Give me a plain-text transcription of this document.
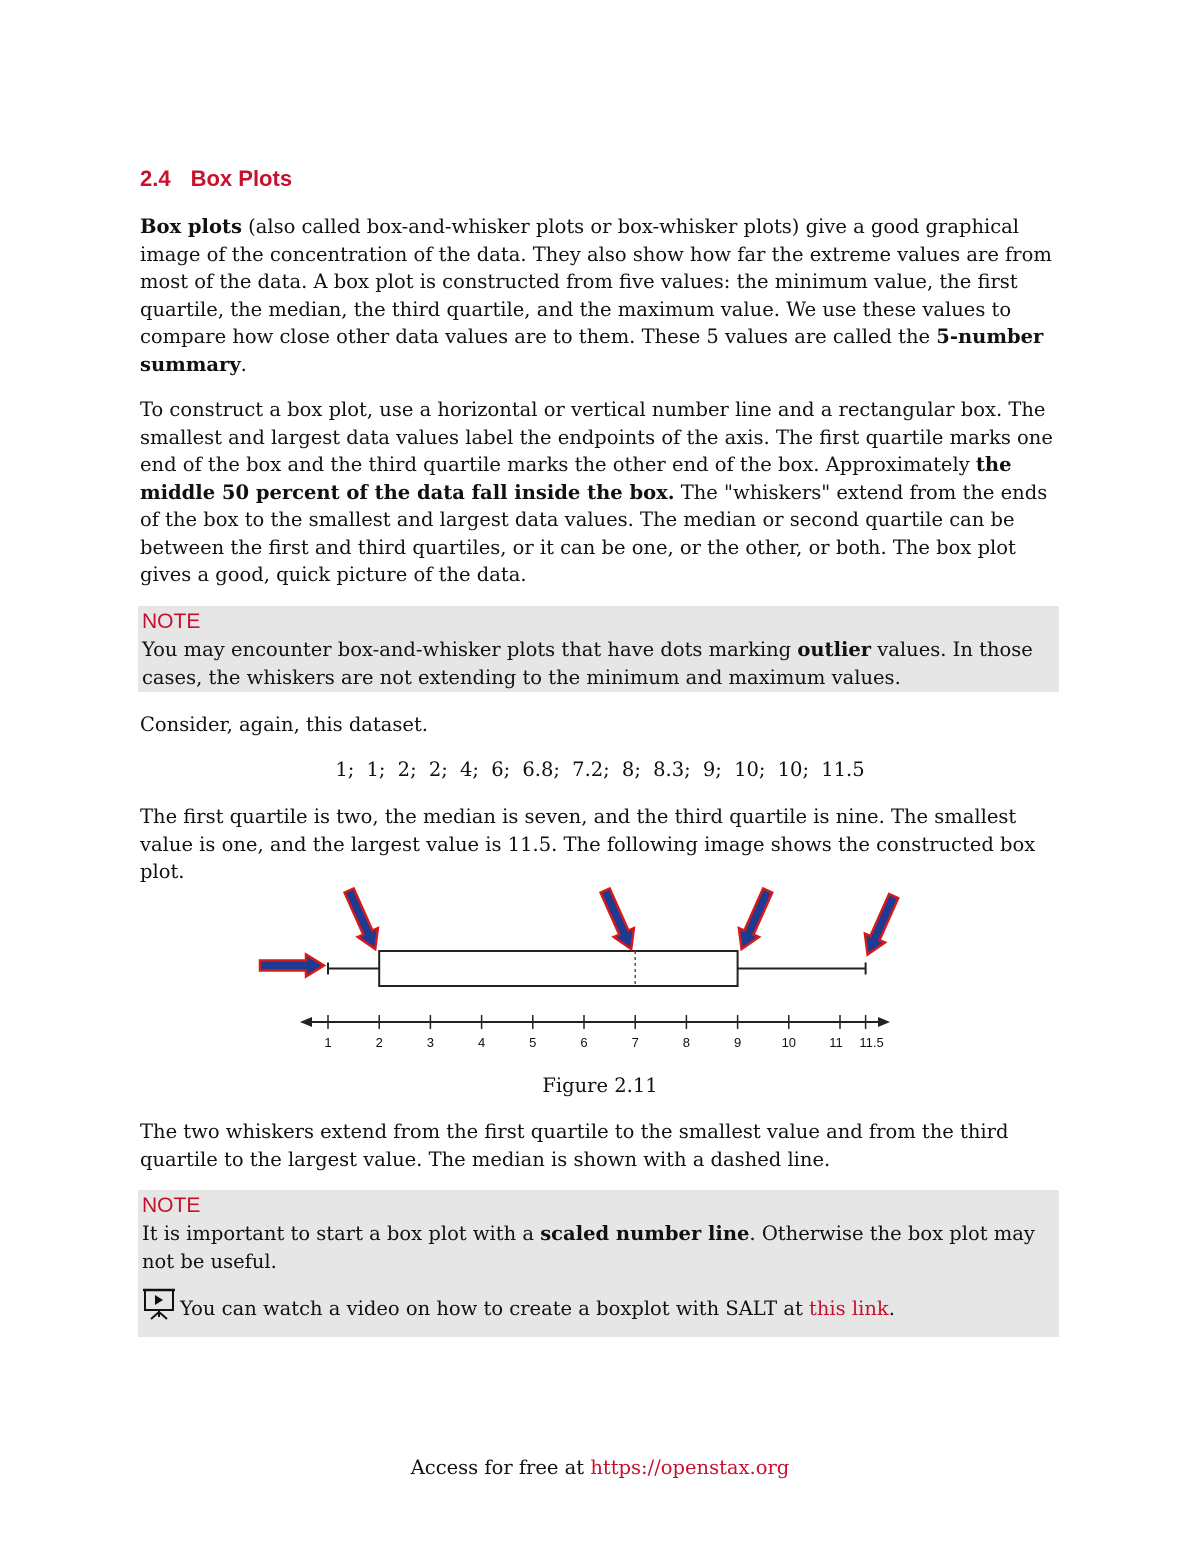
2.4 Box Plots

Box plots (also called box-and-whisker plots or box-whisker plots) give a good graphical image of the concentration of the data. They also show how far the extreme values are from most of the data. A box plot is constructed from five values: the minimum value, the first quartile, the median, the third quartile, and the maximum value. We use these values to compare how close other data values are to them. These 5 values are called the 5-number summary.

To construct a box plot, use a horizontal or vertical number line and a rectangular box. The smallest and largest data values label the endpoints of the axis. The first quartile marks one end of the box and the third quartile marks the other end of the box. Approximately the middle 50 percent of the data fall inside the box. The "whiskers" extend from the ends of the box to the smallest and largest data values. The median or second quartile can be between the first and third quartiles, or it can be one, or the other, or both. The box plot gives a good, quick picture of the data.

NOTE
You may encounter box-and-whisker plots that have dots marking outlier values. In those cases, the whiskers are not extending to the minimum and maximum values.

Consider, again, this dataset.

1; 1; 2; 2; 4; 6; 6.8; 7.2; 8; 8.3; 9; 10; 10; 11.5

The first quartile is two, the median is seven, and the third quartile is nine. The smallest value is one, and the largest value is 11.5. The following image shows the constructed box plot.

1	2	3	4	5	6	7	8	9	10	11 11.5
Figure 2.11

The two whiskers extend from the first quartile to the smallest value and from the third quartile to the largest value. The median is shown with a dashed line.

NOTE
It is important to start a box plot with a scaled number line. Otherwise the box plot may not be useful.
You can watch a video on how to create a boxplot with SALT at this link.
Access for free at https://openstax.org
